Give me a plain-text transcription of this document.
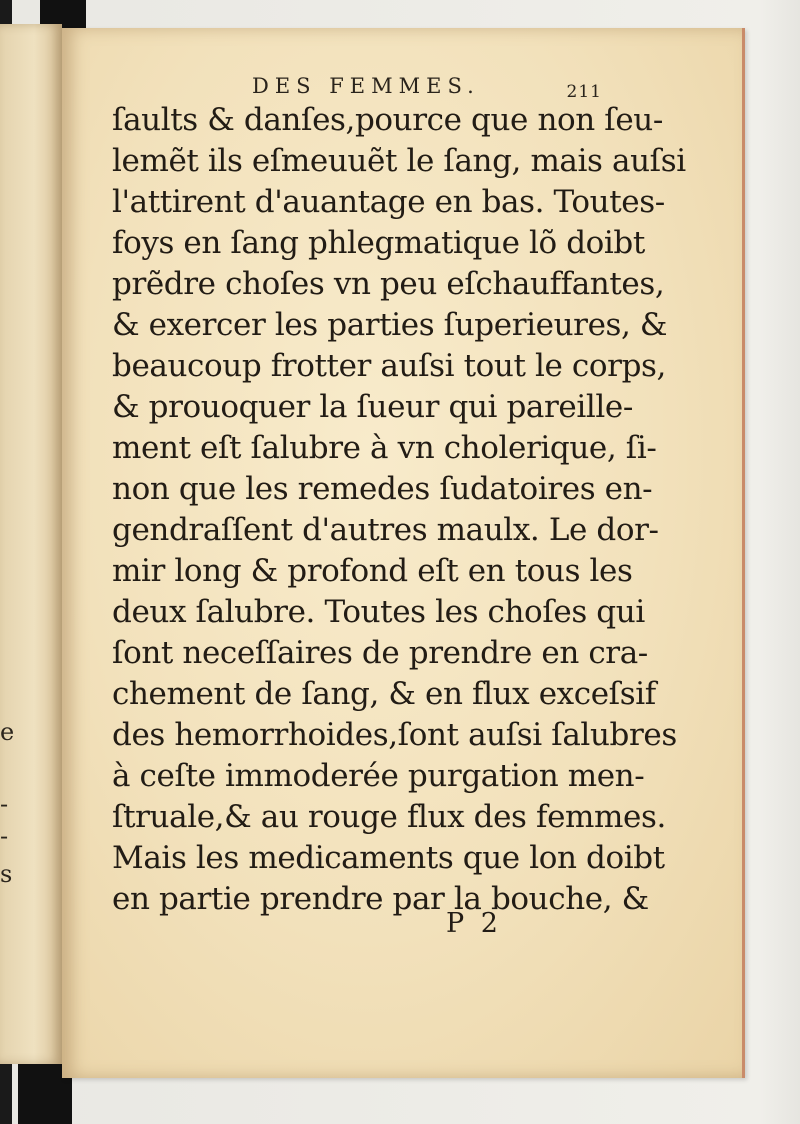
e
-
-
s
DES FEMMES.	211
ſaults & danſes,pource que non ſeu-
lemẽt ils eſmeuuẽt le ſang, mais auſsi
l'attirent d'auantage en bas. Toutes-
foys en ſang phlegmatique lõ doibt
prẽdre choſes vn peu eſchauffantes,
& exercer les parties ſuperieures, &
beaucoup frotter auſsi tout le corps,
& prouoquer la ſueur qui pareille-
ment eſt ſalubre à vn cholerique, ſi-
non que les remedes ſudatoires en-
gendraſſent d'autres maulx. Le dor-
mir long & profond eſt en tous les
deux ſalubre. Toutes les choſes qui
ſont neceſſaires de prendre en cra-
chement de ſang, & en flux exceſsif
des hemorrhoides,ſont auſsi ſalubres
à ceſte immoderée purgation men-
ſtruale,& au rouge flux des femmes.
Mais les medicaments que lon doibt
en partie prendre par la bouche, &
P 2
